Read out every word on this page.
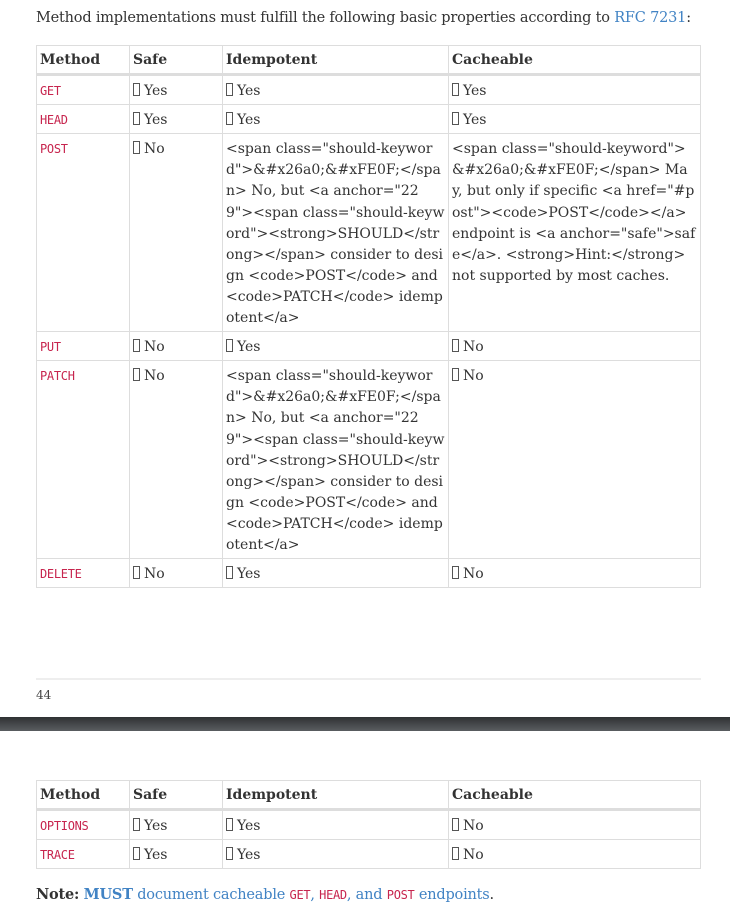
Method implementations must fulfill the following basic properties according to RFC 7231:

Method	Safe	Idempotent	Cacheable
GET	Yes	Yes	Yes
HEAD	Yes	Yes	Yes
POST	No	<span class="should-keyword">&#x26a0;&#xFE0F;</span> No, but <a anchor="229"><span class="should-keyword"><strong>SHOULD</strong></span> consider to design <code>POST</code> and <code>PATCH</code> idempotent</a>	<span class="should-keyword">&#x26a0;&#xFE0F;</span> May, but only if specific <a href="#post"><code>POST</code></a> endpoint is <a anchor="safe">safe</a>. <strong>Hint:</strong> not supported by most caches.
PUT	No	Yes	No
PATCH	No	<span class="should-keyword">&#x26a0;&#xFE0F;</span> No, but <a anchor="229"><span class="should-keyword"><strong>SHOULD</strong></span> consider to design <code>POST</code> and <code>PATCH</code> idempotent</a>	No
DELETE	No	Yes	No
44
Method	Safe	Idempotent	Cacheable
OPTIONS	Yes	Yes	No
TRACE	Yes	Yes	No

Note: MUST document cacheable GET, HEAD, and POST endpoints.
